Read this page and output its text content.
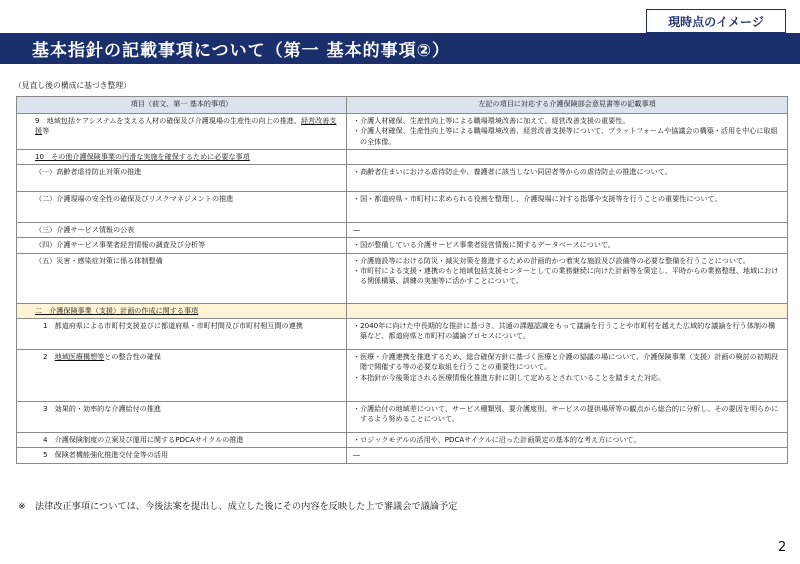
基本指針の記載事項について（第一 基本的事項②）
現時点のイメージ
（見直し後の構成に基づき整理）
項目（前文、第一 基本的事項）	左記の項目に対応する介護保険部会意見書等の記載事項
9　地域包括ケアシステムを支える人材の確保及び介護現場の生産性の向上の推進、経営改善支援等	・介護人材確保、生産性向上等による職場環境改善に加えて、経営改善支援の重要性。
・介護人材確保、生産性向上等による職場環境改善、経営改善支援等について、プラットフォームや協議会の構築・活用を中心に取組の全体像。

10　その他介護保険事業の円滑な実施を確保するために必要な事項	
（一）高齢者虐待防止対策の推進	・高齢者住まいにおける虐待防止や、養護者に該当しない同居者等からの虐待防止の推進について。

（二）介護現場の安全性の確保及びリスクマネジメントの推進	・国・都道府県・市町村に求められる役割を整理し、介護現場に対する指導や支援等を行うことの重要性について。

（三）介護サービス情報の公表	―
（四）介護サービス事業者経営情報の調査及び分析等	・国が整備している介護サービス事業者経営情報に関するデータベースについて。

（五）災害・感染症対策に係る体制整備	・介護施設等における防災・減災対策を推進するための計画的かつ着実な施設及び設備等の必要な整備を行うことについて。
・市町村による支援・連携のもと地域包括支援センターとしての業務継続に向けた計画等を策定し、平時からの業務整理、地域における関係構築、訓練の実施等に活かすことについて。

二　介護保険事業（支援）計画の作成に関する事項	
1　都道府県による市町村支援並びに都道府県・市町村間及び市町村相互間の連携	・2040年に向けた中長期的な推計に基づき、共通の課題認識をもって議論を行うことや市町村を越えた広域的な議論を行う体制の構築など、都道府県と市町村の議論プロセスについて。

2　地域医療構想等との整合性の確保	・医療・介護連携を推進するため、総合確保方針に基づく医療と介護の協議の場について、介護保険事業（支援）計画の検討の初期段階で開催する等の必要な取組を行うことの重要性について。
・本指針が今後策定される医療情報化推進方針に則して定めるとされていることを踏まえた対応。

3　効果的・効率的な介護給付の推進	・介護給付の地域差について、サービス種類別、要介護度別、サービスの提供場所等の観点から総合的に分析し、その要因を明らかにするよう努めることについて。

4　介護保険制度の立案及び運用に関するPDCAサイクルの推進	・ロジックモデルの活用や、PDCAサイクルに沿った計画策定の基本的な考え方について。

5　保険者機能強化推進交付金等の活用	―
※　法律改正事項については、今後法案を提出し、成立した後にその内容を反映した上で審議会で議論予定
2
